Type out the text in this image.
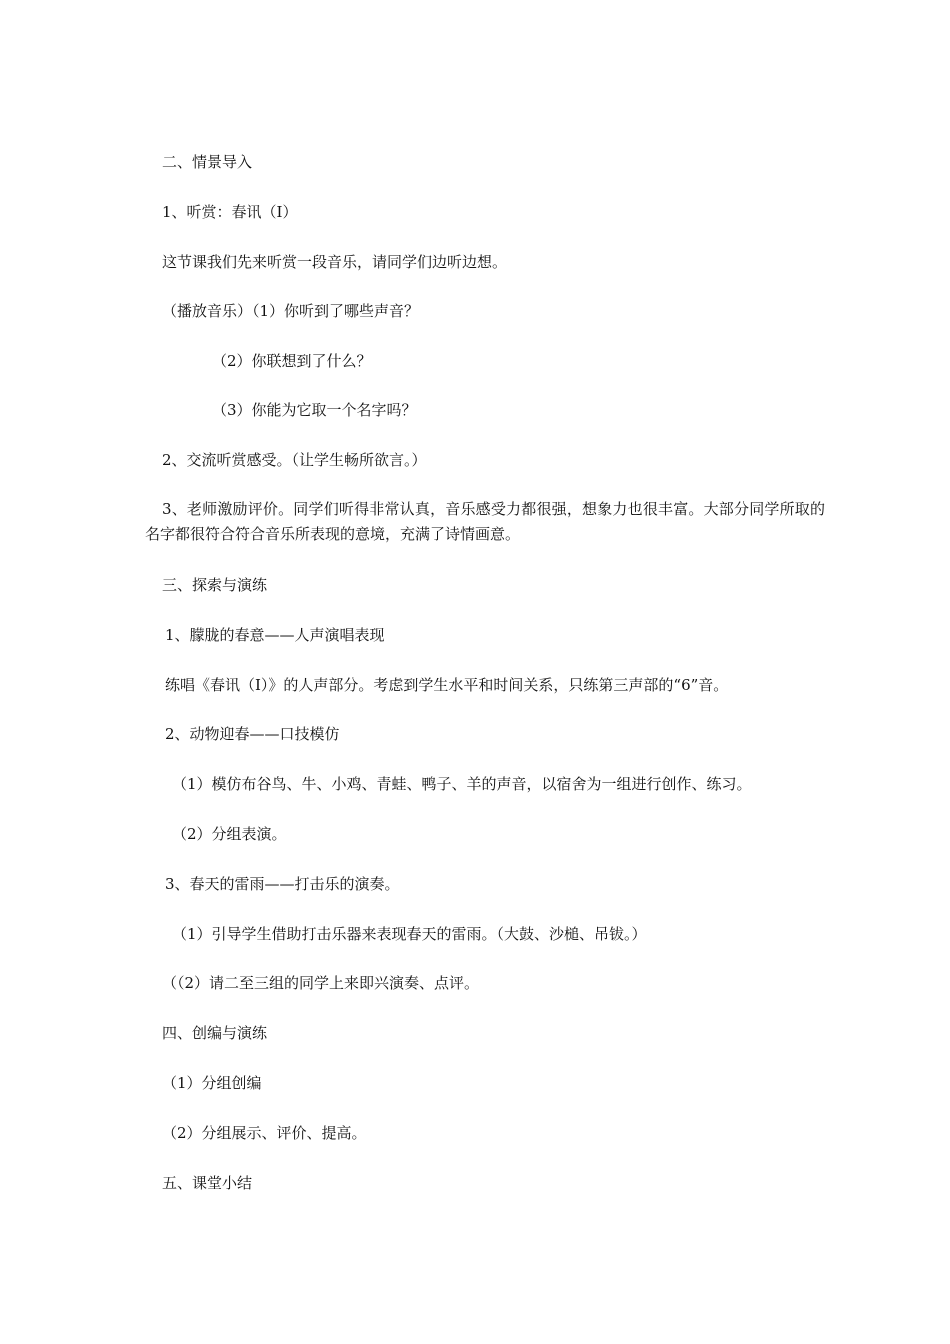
二、情景导入
1、听赏：春讯（Ⅰ）
这节课我们先来听赏一段音乐，请同学们边听边想。
（播放音乐）（1）你听到了哪些声音？
（2）你联想到了什么？
（3）你能为它取一个名字吗？
2、交流听赏感受。（让学生畅所欲言。）
3、老师激励评价。同学们听得非常认真，音乐感受力都很强，想象力也很丰富。大部分同学所取的名字都很符合符合音乐所表现的意境，充满了诗情画意。
三、探索与演练
1、朦胧的春意——人声演唱表现
练唱《春讯（Ⅰ）》的人声部分。考虑到学生水平和时间关系，只练第三声部的“6”音。
2、动物迎春——口技模仿
（1）模仿布谷鸟、牛、小鸡、青蛙、鸭子、羊的声音，以宿舍为一组进行创作、练习。
（2）分组表演。
3、春天的雷雨——打击乐的演奏。
（1）引导学生借助打击乐器来表现春天的雷雨。（大鼓、沙槌、吊钹。）
（（2）请二至三组的同学上来即兴演奏、点评。
四、创编与演练
（1）分组创编
（2）分组展示、评价、提高。
五、课堂小结
